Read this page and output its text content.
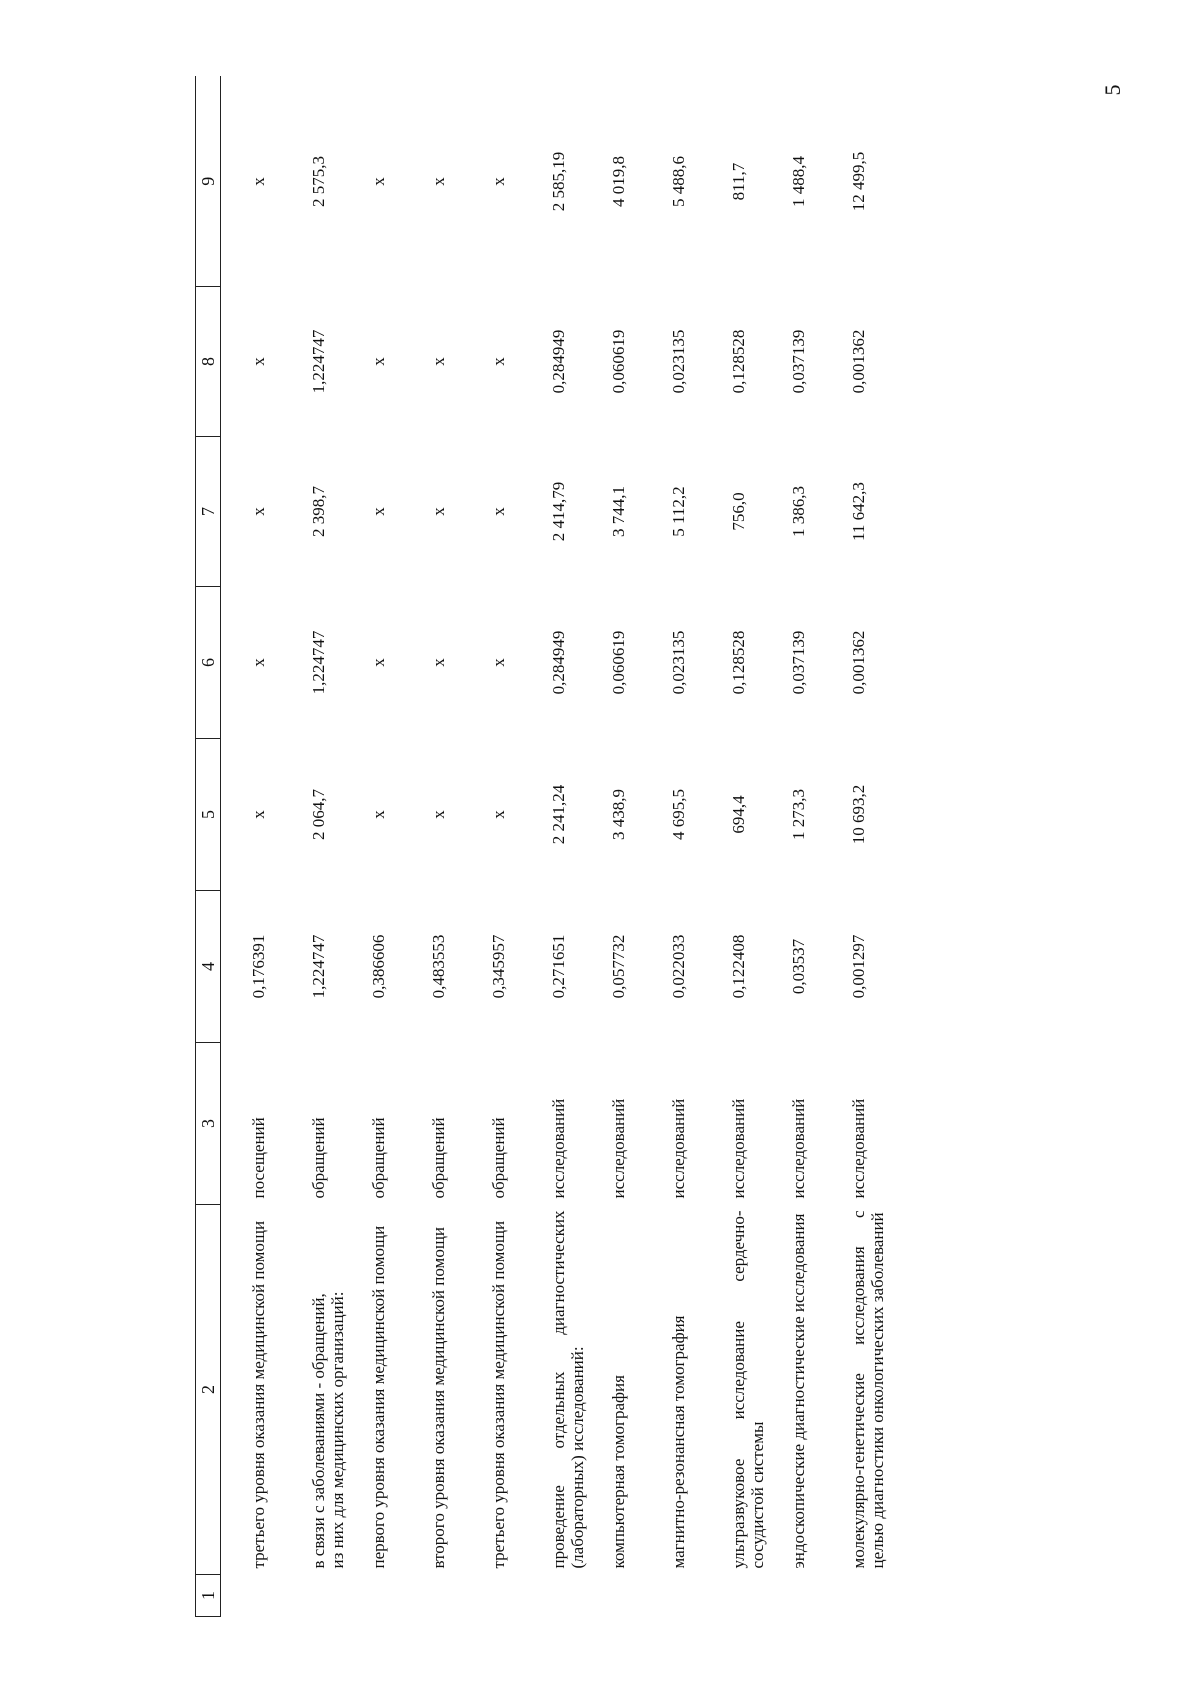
5
1	2	3	4	5	6	7	8	9

	третьего уровня оказания медицинской помощи	посещений	0,176391	х	х	х	х	х

	в связи с заболеваниями - обращений, из них для медицинских организаций:	обращений	1,224747	2 064,7	1,224747	2 398,7	1,224747	2 575,3

	первого уровня оказания медицинской помощи	обращений	0,386606	х	х	х	х	х

	второго уровня оказания медицинской помощи	обращений	0,483553	х	х	х	х	х

	третьего уровня оказания медицинской помощи	обращений	0,345957	х	х	х	х	х

	проведение отдельных диагностических (лабораторных) исследований:	исследований	0,271651	2 241,24	0,284949	2 414,79	0,284949	2 585,19

	компьютерная томография	исследований	0,057732	3 438,9	0,060619	3 744,1	0,060619	4 019,8

	магнитно-резонансная томография	исследований	0,022033	4 695,5	0,023135	5 112,2	0,023135	5 488,6

	ультразвуковое исследование сердечно-сосудистой системы	исследований	0,122408	694,4	0,128528	756,0	0,128528	811,7

	эндоскопические диагностические исследования	исследований	0,03537	1 273,3	0,037139	1 386,3	0,037139	1 488,4

	молекулярно-генетические исследования с целью диагностики онкологических заболеваний	исследований	0,001297	10 693,2	0,001362	11 642,3	0,001362	12 499,5
